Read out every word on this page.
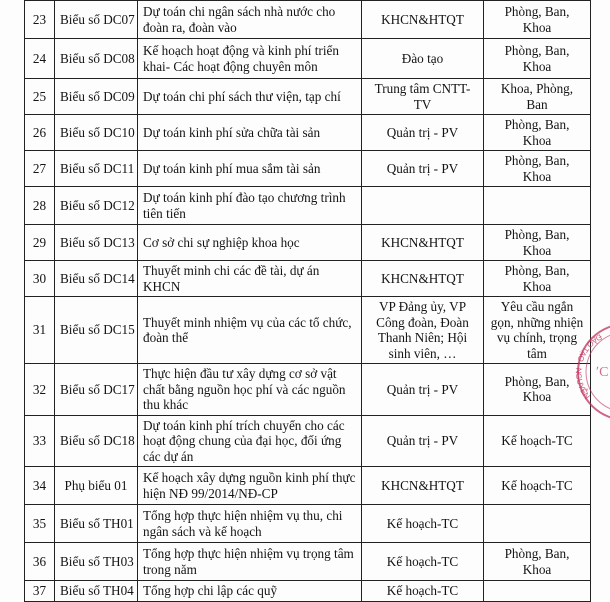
23	Biểu số DC07	Dự toán chi ngân sách nhà nước cho đoàn ra, đoàn vào	KHCN&HTQT	Phòng, Ban, Khoa
24	Biểu số DC08	Kế hoạch hoạt động và kinh phí triển khai- Các hoạt động chuyên môn	Đào tạo	Phòng, Ban, Khoa
25	Biểu số DC09	Dự toán chi phí sách thư viện, tạp chí	Trung tâm CNTT-TV	Khoa, Phòng, Ban
26	Biểu số DC10	Dự toán kinh phí sửa chữa tài sản	Quản trị - PV	Phòng, Ban, Khoa
27	Biểu số DC11	Dự toán kinh phí mua sắm tài sản	Quản trị - PV	Phòng, Ban, Khoa
28	Biểu số DC12	Dự toán kinh phí đào tạo chương trình tiên tiến		
29	Biểu số DC13	Cơ sở chi sự nghiệp khoa học	KHCN&HTQT	Phòng, Ban, Khoa
30	Biểu số DC14	Thuyết minh chi các đề tài, dự án KHCN	KHCN&HTQT	Phòng, Ban, Khoa
31	Biểu số DC15	Thuyết minh nhiệm vụ của các tổ chức, đoàn thể	VP Đảng ủy, VP Công đoàn, Đoàn Thanh Niên; Hội sinh viên, …	Yêu cầu ngắn gọn, những nhiện vụ chính, trọng tâm
32	Biểu số DC17	Thực hiện đầu tư xây dựng cơ sở vật chất bằng nguồn học phí và các nguồn thu khác	Quản trị - PV	Phòng, Ban, Khoa
33	Biểu số DC18	Dự toán kinh phí trích chuyển cho các hoạt động chung của đại học, đối ứng các dự án	Quản trị - PV	Kế hoạch-TC
34	Phụ biểu 01	Kế hoạch xây dựng nguồn kinh phí thực hiện NĐ 99/2014/NĐ-CP	KHCN&HTQT	Kế hoạch-TC
35	Biểu số TH01	Tổng hợp thực hiện nhiệm vụ thu, chi ngân sách và kế hoạch	Kế hoạch-TC	
36	Biểu số TH03	Tổng hợp thực hiện nhiệm vụ trọng tâm trong năm	Kế hoạch-TC	Phòng, Ban, Khoa
37	Biểu số TH04	Tổng hợp chi lập các quỹ	Kế hoạch-TC	
ĐÀO TẠO · NGUYỄN
ʹC
